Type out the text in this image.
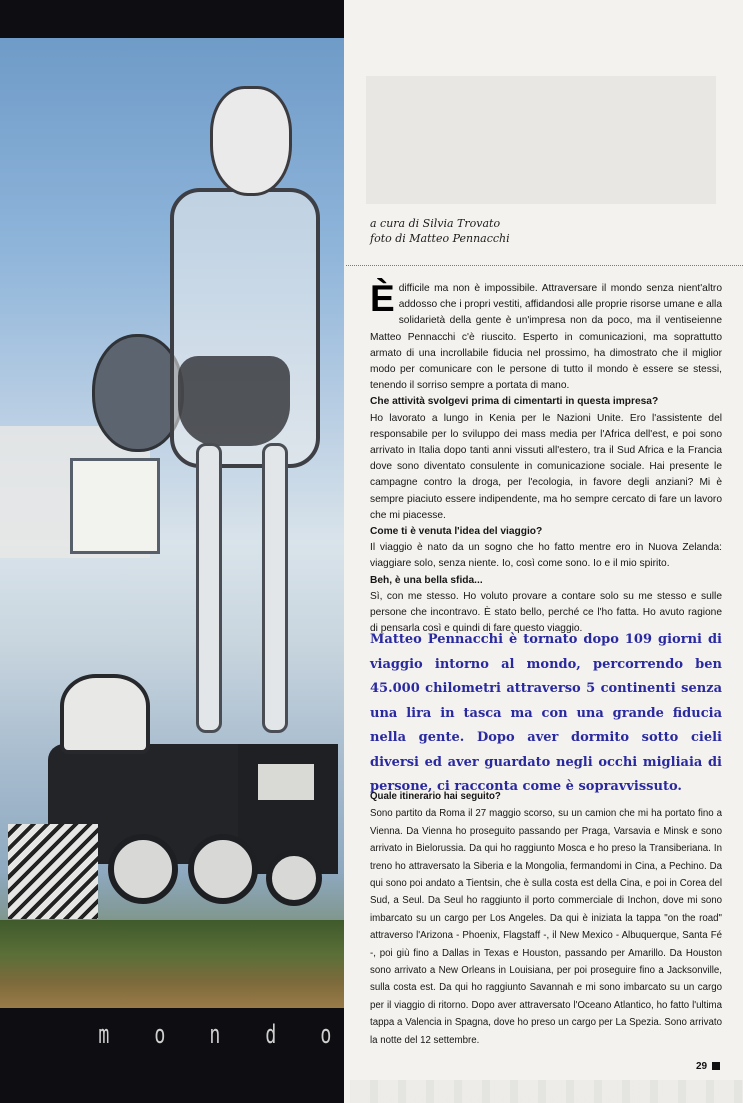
m o n d o
a cura di Silvia Trovato
foto di Matteo Pennacchi

Èdifficile ma non è impossibile. Attraversare il mondo senza nient'altro addosso che i propri vestiti, affidandosi alle proprie risorse umane e alla solidarietà della gente è un'impresa non da poco, ma il ventiseienne Matteo Pennacchi c'è riuscito. Esperto in comunicazioni, ma soprattutto armato di una incrollabile fiducia nel prossimo, ha dimostrato che il miglior modo per comunicare con le persone di tutto il mondo è essere se stessi, tenendo il sorriso sempre a portata di mano.

Che attività svolgevi prima di cimentarti in questa impresa?

Ho lavorato a lungo in Kenia per le Nazioni Unite. Ero l'assistente del responsabile per lo sviluppo dei mass media per l'Africa dell'est, e poi sono arrivato in Italia dopo tanti anni vissuti all'estero, tra il Sud Africa e la Francia dove sono diventato consulente in comunicazione sociale. Hai presente le campagne contro la droga, per l'ecologia, in favore degli anziani? Mi è sempre piaciuto essere indipendente, ma ho sempre cercato di fare un lavoro che mi piacesse.

Come ti è venuta l'idea del viaggio?

Il viaggio è nato da un sogno che ho fatto mentre ero in Nuova Zelanda: viaggiare solo, senza niente. Io, così come sono. Io e il mio spirito.

Beh, è una bella sfida...

Sì, con me stesso. Ho voluto provare a contare solo su me stesso e sulle persone che incontravo. È stato bello, perché ce l'ho fatta. Ho avuto ragione di pensarla così e quindi di fare questo viaggio.

Matteo Pennacchi è tornato dopo 109 giorni di viaggio intorno al mondo, percorrendo ben 45.000 chilometri attraverso 5 continenti senza una lira in tasca ma con una grande fiducia nella gente. Dopo aver dormito sotto cieli diversi ed aver guardato negli occhi migliaia di persone, ci racconta come è sopravvissuto.

Quale itinerario hai seguito?

Sono partito da Roma il 27 maggio scorso, su un camion che mi ha portato fino a Vienna. Da Vienna ho proseguito passando per Praga, Varsavia e Minsk e sono arrivato in Bielorussia. Da qui ho raggiunto Mosca e ho preso la Transiberiana. In treno ho attraversato la Siberia e la Mongolia, fermandomi in Cina, a Pechino. Da qui sono poi andato a Tientsin, che è sulla costa est della Cina, e poi in Corea del Sud, a Seul. Da Seul ho raggiunto il porto commerciale di Inchon, dove mi sono imbarcato su un cargo per Los Angeles. Da qui è iniziata la tappa "on the road" attraverso l'Arizona - Phoenix, Flagstaff -, il New Mexico - Albuquerque, Santa Fé -, poi giù fino a Dallas in Texas e Houston, passando per Amarillo. Da Houston sono arrivato a New Orleans in Louisiana, per poi proseguire fino a Jacksonville, sulla costa est. Da qui ho raggiunto Savannah e mi sono imbarcato su un cargo per il viaggio di ritorno. Dopo aver attraversato l'Oceano Atlantico, ho fatto l'ultima tappa a Valencia in Spagna, dove ho preso un cargo per La Spezia. Sono arrivato la notte del 12 settembre.

29
